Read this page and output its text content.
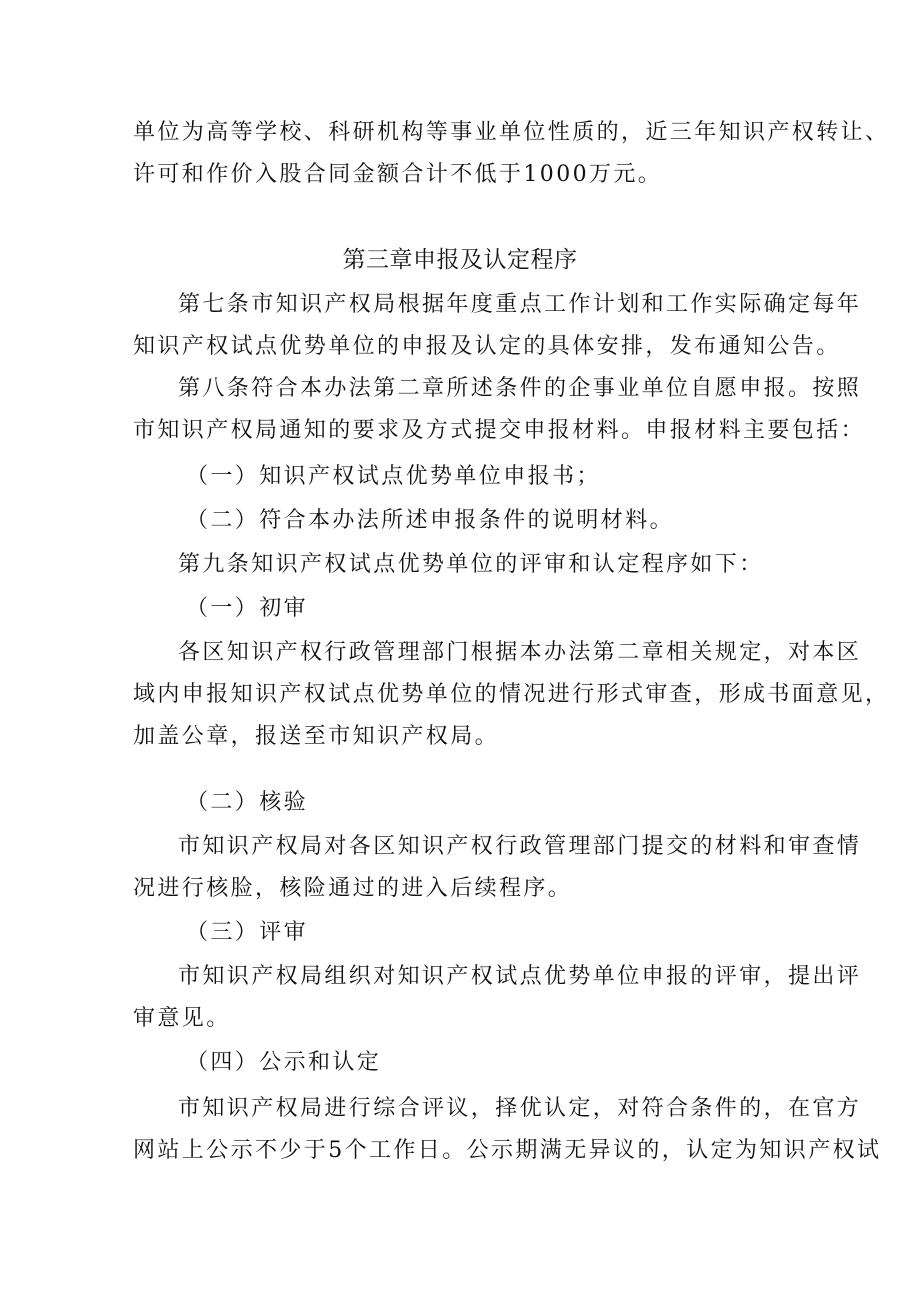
单位为高等学校、科研机构等事业单位性质的，近三年知识产权转让、
许可和作价入股合同金额合计不低于1000万元。
第三章申报及认定程序
第七条市知识产权局根据年度重点工作计划和工作实际确定每年
知识产权试点优势单位的申报及认定的具体安排，发布通知公告。
第八条符合本办法第二章所述条件的企事业单位自愿申报。按照
市知识产权局通知的要求及方式提交申报材料。申报材料主要包括：
（一）知识产权试点优势单位申报书；
（二）符合本办法所述申报条件的说明材料。
第九条知识产权试点优势单位的评审和认定程序如下：
（一）初审
各区知识产权行政管理部门根据本办法第二章相关规定，对本区
域内申报知识产权试点优势单位的情况进行形式审查，形成书面意见，
加盖公章，报送至市知识产权局。
（二）核验
市知识产权局对各区知识产权行政管理部门提交的材料和审查情
况进行核脸，核险通过的进入后续程序。
（三）评审
市知识产权局组织对知识产权试点优势单位申报的评审，提出评
审意见。
（四）公示和认定
市知识产权局进行综合评议，择优认定，对符合条件的，在官方
网站上公示不少于5个工作日。公示期满无异议的，认定为知识产权试
